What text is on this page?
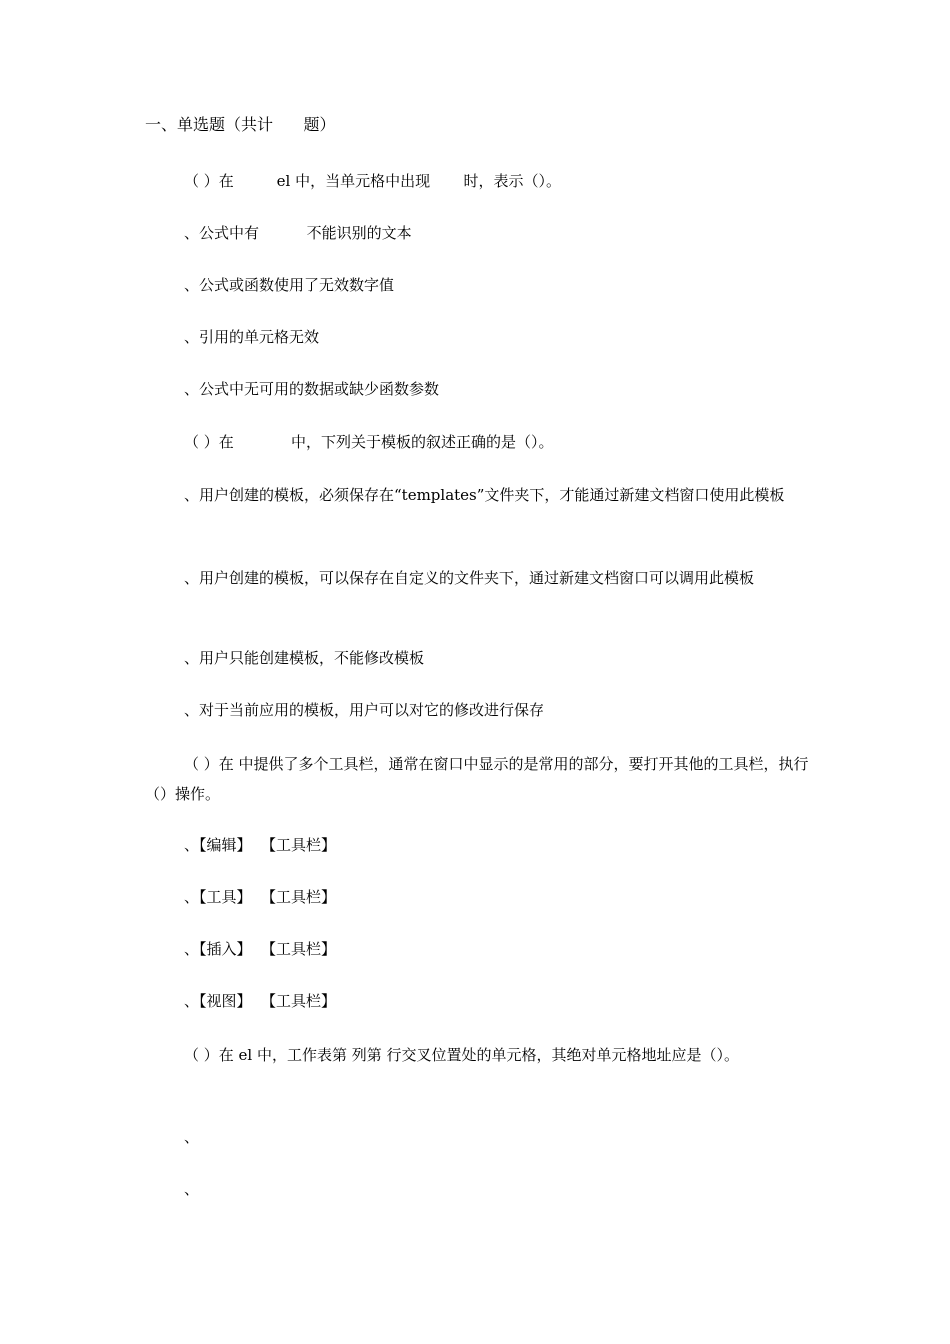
一、单选题（共计      题）

（ ）在         el 中，当单元格中出现       时，表示（）。

、公式中有          不能识别的文本

、公式或函数使用了无效数字值

、引用的单元格无效

、公式中无可用的数据或缺少函数参数

（ ）在            中，下列关于模板的叙述正确的是（）。

、用户创建的模板，必须保存在“templates”文件夹下，才能通过新建文档窗口使用此模板

、用户创建的模板，可以保存在自定义的文件夹下，通过新建文档窗口可以调用此模板

、用户只能创建模板，不能修改模板

、对于当前应用的模板，用户可以对它的修改进行保存

（ ）在 中提供了多个工具栏，通常在窗口中显示的是常用的部分，要打开其他的工具栏，执行（）操作。

、【编辑】  【工具栏】

、【工具】  【工具栏】

、【插入】  【工具栏】

、【视图】  【工具栏】

（ ）在 el 中，工作表第 列第 行交叉位置处的单元格，其绝对单元格地址应是（）。

、

、
